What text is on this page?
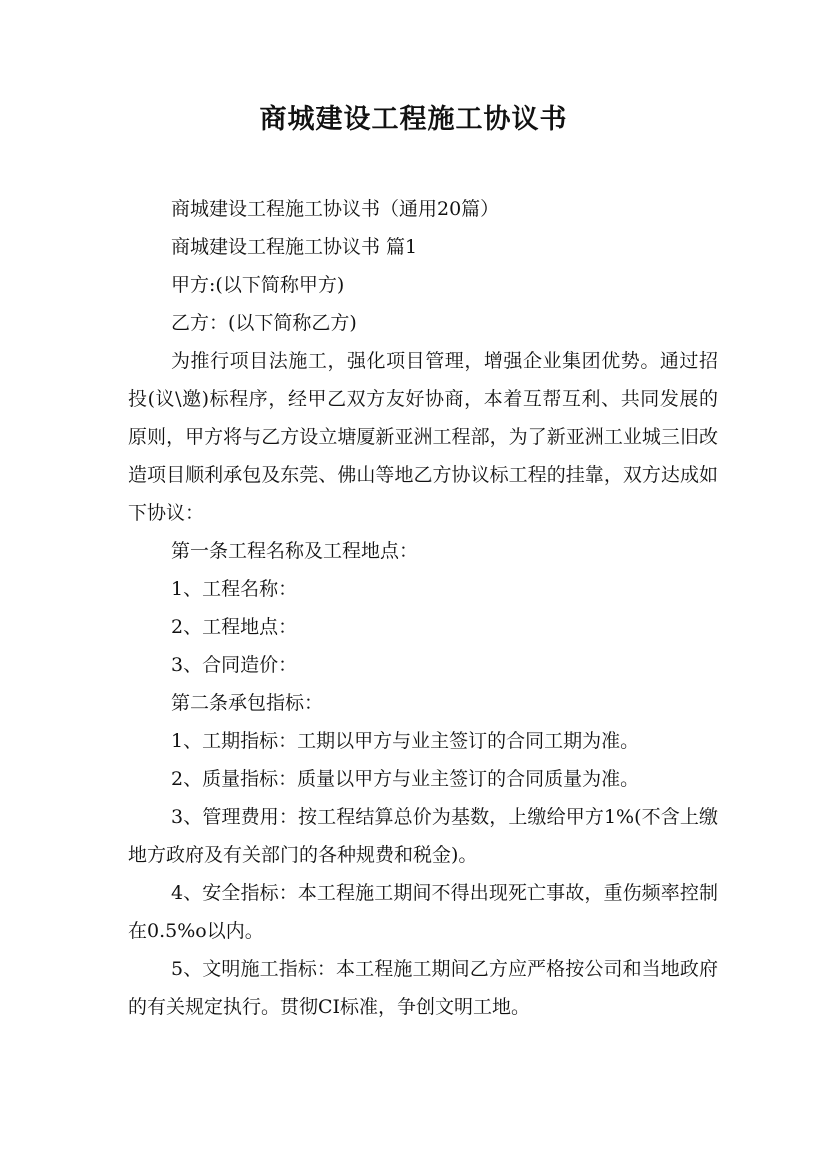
商城建设工程施工协议书

商城建设工程施工协议书（通用20篇）

商城建设工程施工协议书 篇1

甲方:(以下简称甲方)

乙方：(以下简称乙方)

为推行项目法施工，强化项目管理，增强企业集团优势。通过招投(议\邀)标程序，经甲乙双方友好协商，本着互帮互利、共同发展的原则，甲方将与乙方设立塘厦新亚洲工程部，为了新亚洲工业城三旧改造项目顺利承包及东莞、佛山等地乙方协议标工程的挂靠，双方达成如下协议：

第一条工程名称及工程地点：

1、工程名称：

2、工程地点：

3、合同造价：

第二条承包指标：

1、工期指标：工期以甲方与业主签订的合同工期为准。

2、质量指标：质量以甲方与业主签订的合同质量为准。

3、管理费用：按工程结算总价为基数，上缴给甲方1%(不含上缴地方政府及有关部门的各种规费和税金)。

4、安全指标：本工程施工期间不得出现死亡事故，重伤频率控制在0.5%o以内。

5、文明施工指标：本工程施工期间乙方应严格按公司和当地政府的有关规定执行。贯彻CI标准，争创文明工地。
